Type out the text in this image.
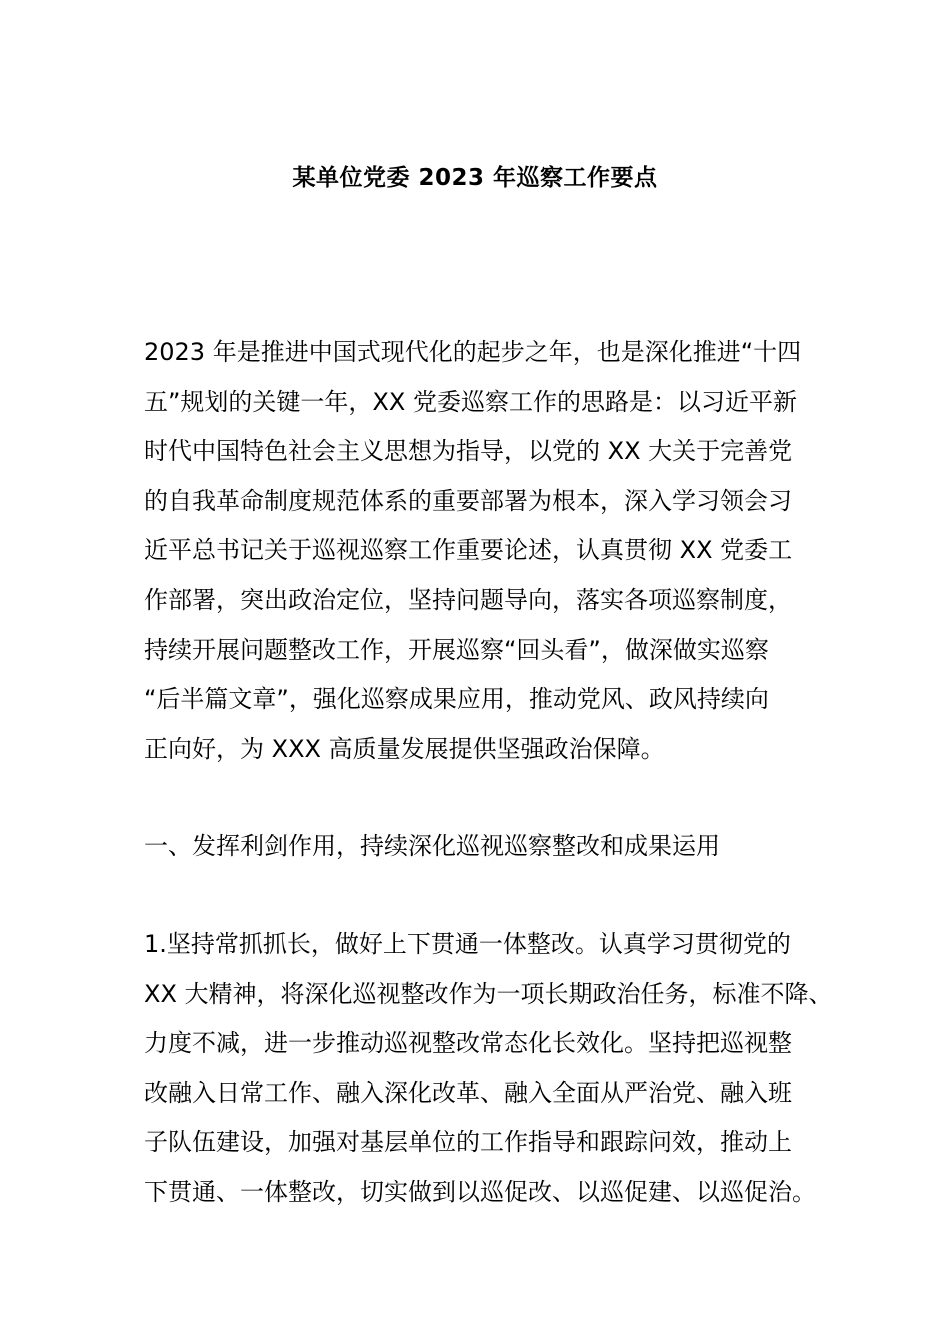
某单位党委 2023 年巡察工作要点
2023 年是推进中国式现代化的起步之年，也是深化推进“十四
五”规划的关键一年，XX 党委巡察工作的思路是：以习近平新
时代中国特色社会主义思想为指导，以党的 XX 大关于完善党
的自我革命制度规范体系的重要部署为根本，深入学习领会习
近平总书记关于巡视巡察工作重要论述，认真贯彻 XX 党委工
作部署，突出政治定位，坚持问题导向，落实各项巡察制度，
持续开展问题整改工作，开展巡察“回头看”，做深做实巡察
“后半篇文章”，强化巡察成果应用，推动党风、政风持续向
正向好，为 XXX 高质量发展提供坚强政治保障。
一、发挥利剑作用，持续深化巡视巡察整改和成果运用
1.坚持常抓抓长，做好上下贯通一体整改。认真学习贯彻党的
XX 大精神，将深化巡视整改作为一项长期政治任务，标准不降、
力度不减，进一步推动巡视整改常态化长效化。坚持把巡视整
改融入日常工作、融入深化改革、融入全面从严治党、融入班
子队伍建设，加强对基层单位的工作指导和跟踪问效，推动上
下贯通、一体整改，切实做到以巡促改、以巡促建、以巡促治。
